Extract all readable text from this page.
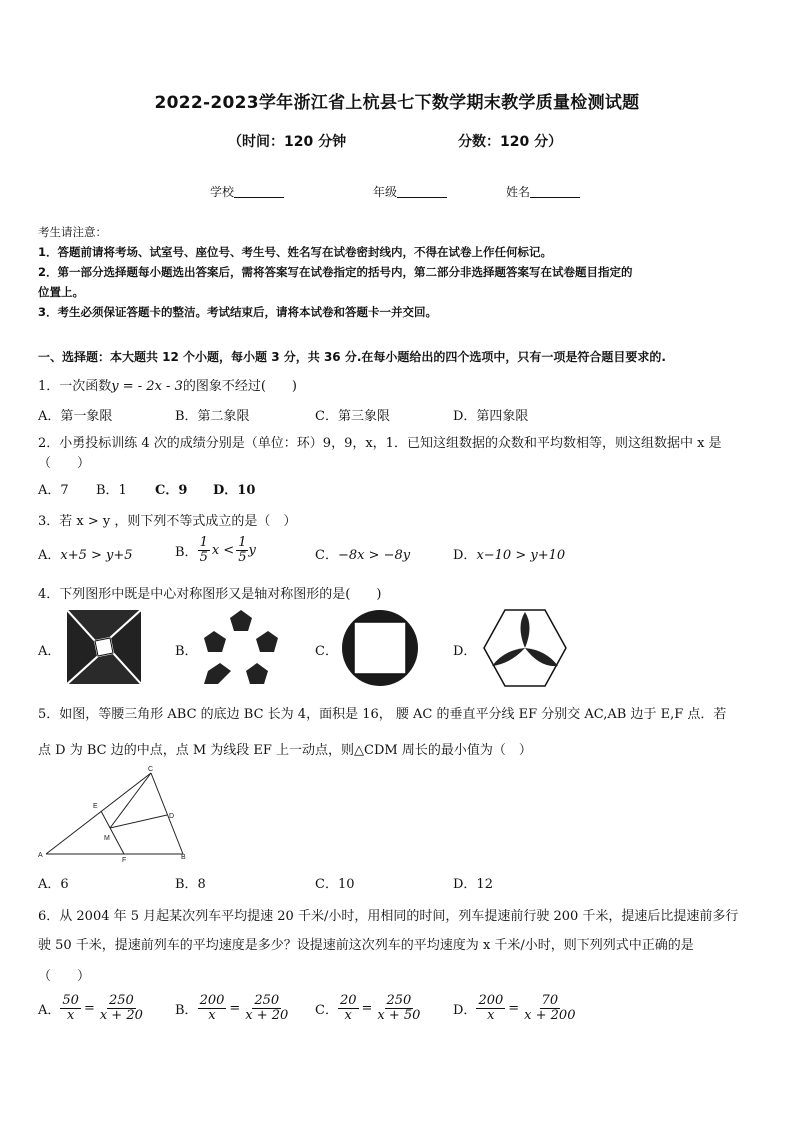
2022-2023学年浙江省上杭县七下数学期末教学质量检测试题
（时间：120 分钟	分数：120 分）
学校	年级	姓名
考生请注意：
1．答题前请将考场、试室号、座位号、考生号、姓名写在试卷密封线内，不得在试卷上作任何标记。
2．第一部分选择题每小题选出答案后，需将答案写在试卷指定的括号内，第二部分非选择题答案写在试卷题目指定的
位置上。
3．考生必须保证答题卡的整洁。考试结束后，请将本试卷和答题卡一并交回。
一、选择题：本大题共 12 个小题，每小题 3 分，共 36 分.在每小题给出的四个选项中，只有一项是符合题目要求的.
1．一次函数y = - 2x - 3的图象不经过(　　)
A．第一象限	B．第二象限	C．第三象限	D．第四象限
2．小勇投标训练 4 次的成绩分别是（单位：环）9，9，x，1．已知这组数据的众数和平均数相等，则这组数据中 x 是
（　　）
A．7 B．1 C．9 D．10
3．若 x > y ，则下列不等式成立的是（　）
A．x+5 > y+5	B． $\frac{1}{5}$ $x < \frac{1}{5}$ y	C．−8x > −8y	D．x−10 > y+10
4．下列图形中既是中心对称图形又是轴对称图形的是(　　)
A．	B．	C．	D．
5．如图，等腰三角形 ABC 的底边 BC 长为 4，面积是 16， 腰 AC 的垂直平分线 EF 分别交 AC,AB 边于 E,F 点．若
点 D 为 BC 边的中点，点 M 为线段 EF 上一动点，则△CDM 周长的最小值为（　）
C
E
D
M
A
F	B
A．6	B．8	C．10	D．12
6．从 2004 年 5 月起某次列车平均提速 20 千米/小时，用相同的时间，列车提速前行驶 200 千米，提速后比提速前多行
驶 50 千米，提速前列车的平均速度是多少？设提速前这次列车的平均速度为 x 千米/小时，则下列列式中正确的是
（　　）
A． $\frac{50}{x} = \frac{250}{x + 20}$ B． $\frac{200}{x} = \frac{250}{x + 20}$ C． $\frac{20}{x} = \frac{250}{x + 50}$ D． $\frac{200}{x} = \frac{70}{x + 200}$
